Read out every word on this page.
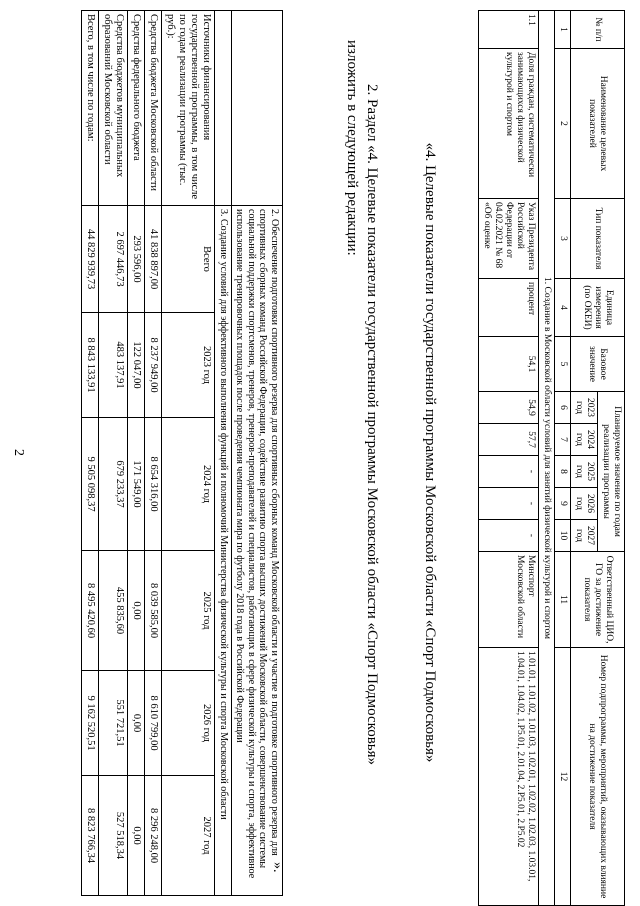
2
		2. Обеспечение подготовки спортивного резерва для спортивных сборных команд Московской области и участие в подготовке спортивного резерва для спортивных сборных команд Российской Федерации, содействие развитию спорта высших достижений Московской области, совершенствование системы социальной поддержки спортсменов, тренеров, тренеров-преподавателей и специалистов, работающих в сфере физической культуры и спорта, эффективное использование тренировочных площадок после проведения чемпионата мира по футболу 2018 года в Российской Федерации					
	3. Создание условий для эффективного выполнения функций и полномочий Министерства физической культуры и спорта Московской области					
Источники финансирования государственной программы, в том числе по годам реализации программы (тыс. руб.):	Всего	2023 год	2024 год	2025 год	2026 год	2027 год
Средства бюджета Московской области	41 838 897,00	8 237 949,00	8 654 316,00	8 039 585,00	8 610 799,00	8 296 248,00
Средства федерального бюджета	293 596,00	122 047,00	171 549,00	0,00	0,00	0,00
Средства бюджетов муниципальных образований Московской области	2 697 446,73	483 137,91	679 233,37	455 835,60	551 721,51	527 518,34
Всего, в том числе по годам:	44 829 939,73	8 843 133,91	9 505 098,37	8 495 420,60	9 162 520,51	8 823 766,34
».
2. Раздел «4. Целевые показатели государственной программы Московской области «Спорт Подмосковья»
изложить в следующей редакции:	«4. Целевые показатели государственной программы Московской области «Спорт Подмосковья»
№ п/п	Наименование целевых показателей	Тип показателя	Единица измерения (по ОКЕИ)	Базовое значение	Планируемое значение по годам реализации программы					Ответственный ЦИО, ГО за достижение показателя	Номер подпрограммы, мероприятий, оказывающих влияние на достижение показателя
					2023 год	2024 год	2025 год	2026 год	2027 год		
1	2	3	4	5	6	7	8	9	10	11	12
1. Создание в Московской области условий для занятий физической культурой и спортом											
1.1	Доля граждан, систематически занимающихся физической культурой и спортом	Указ Президента Российской Федерации от 04.02.2021 № 68 «Об оценке	процент	54,1	54,9	57,7	-	-	-	Минспорт Московской области	1.01.01, 1.01.02, 1.01.03, 1.02.01, 1.02.02, 1.02.03, 1.03.01, 1.04.01, 1.04.02, 1.P5.01, 2.01.04, 2.P5.01, 2.P5.02
